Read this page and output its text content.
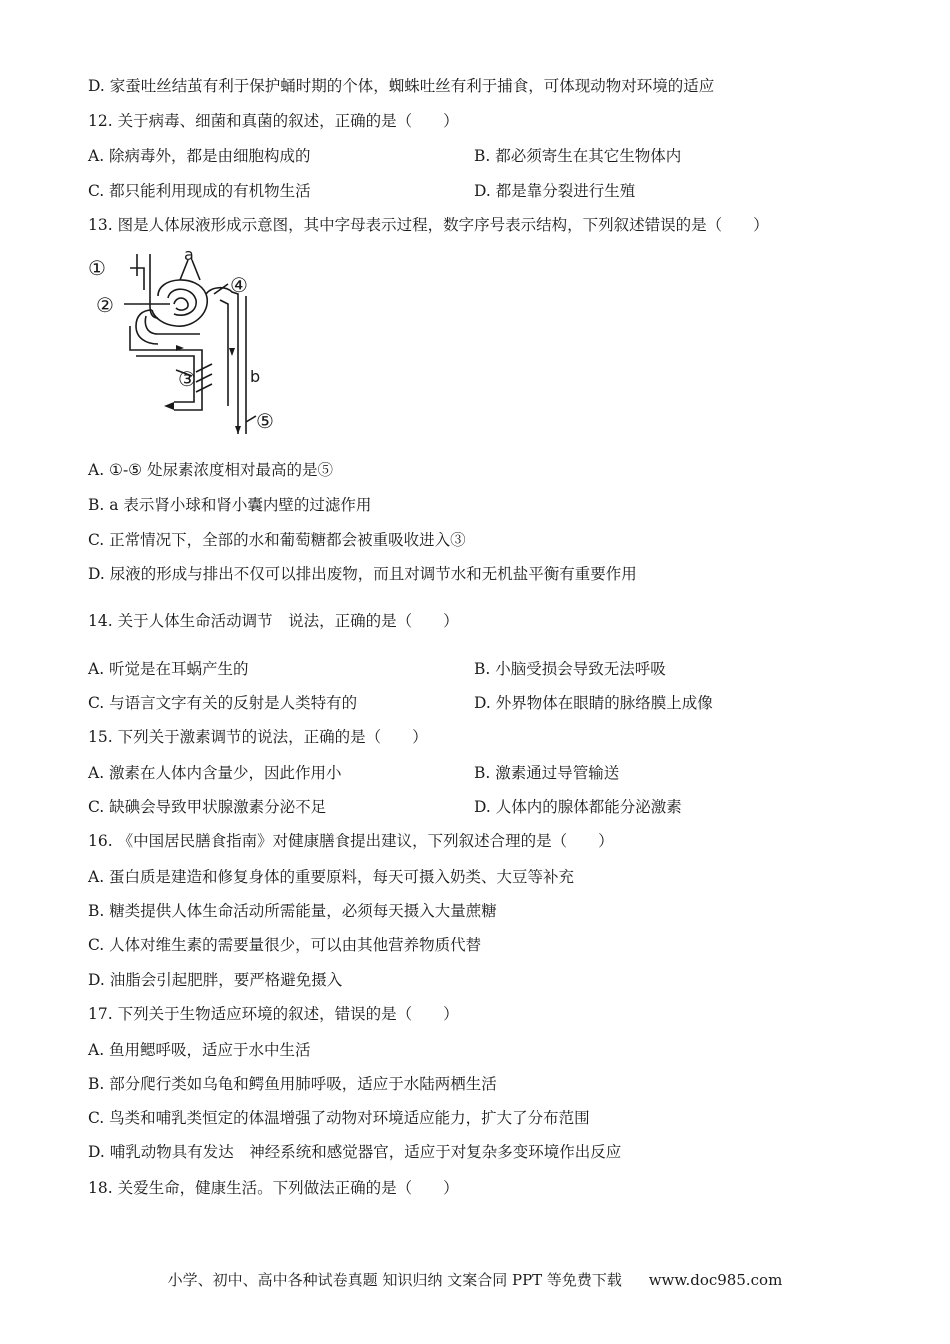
D. 家蚕吐丝结茧有利于保护蛹时期的个体，蜘蛛吐丝有利于捕食，可体现动物对环境的适应
12. 关于病毒、细菌和真菌的叙述，正确的是（　　）
A. 除病毒外，都是由细胞构成的	B. 都必须寄生在其它生物体内
C. 都只能利用现成的有机物生活	D. 都是靠分裂进行生殖
13. 图是人体尿液形成示意图，其中字母表示过程，数字序号表示结构，下列叙述错误的是（　　）
①
②
④
③
⑤
a
b
A. ①-⑤ 处尿素浓度相对最高的是⑤
B. a 表示肾小球和肾小囊内壁的过滤作用
C. 正常情况下，全部的水和葡萄糖都会被重吸收进入③
D. 尿液的形成与排出不仅可以排出废物，而且对调节水和无机盐平衡有重要作用
14. 关于人体生命活动调节　说法，正确的是（　　）
A. 听觉是在耳蜗产生的	B. 小脑受损会导致无法呼吸
C. 与语言文字有关的反射是人类特有的	D. 外界物体在眼睛的脉络膜上成像
15. 下列关于激素调节的说法，正确的是（　　）
A. 激素在人体内含量少，因此作用小	B. 激素通过导管输送
C. 缺碘会导致甲状腺激素分泌不足	D. 人体内的腺体都能分泌激素
16. 《中国居民膳食指南》对健康膳食提出建议，下列叙述合理的是（　　）
A. 蛋白质是建造和修复身体的重要原料，每天可摄入奶类、大豆等补充
B. 糖类提供人体生命活动所需能量，必须每天摄入大量蔗糖
C. 人体对维生素的需要量很少，可以由其他营养物质代替
D. 油脂会引起肥胖，要严格避免摄入
17. 下列关于生物适应环境的叙述，错误的是（　　）
A. 鱼用鳃呼吸，适应于水中生活
B. 部分爬行类如乌龟和鳄鱼用肺呼吸，适应于水陆两栖生活
C. 鸟类和哺乳类恒定的体温增强了动物对环境适应能力，扩大了分布范围
D. 哺乳动物具有发达　神经系统和感觉器官，适应于对复杂多变环境作出反应
18. 关爱生命，健康生活。下列做法正确的是（　　）
小学、初中、高中各种试卷真题 知识归纳 文案合同 PPT 等免费下载 www.doc985.com
